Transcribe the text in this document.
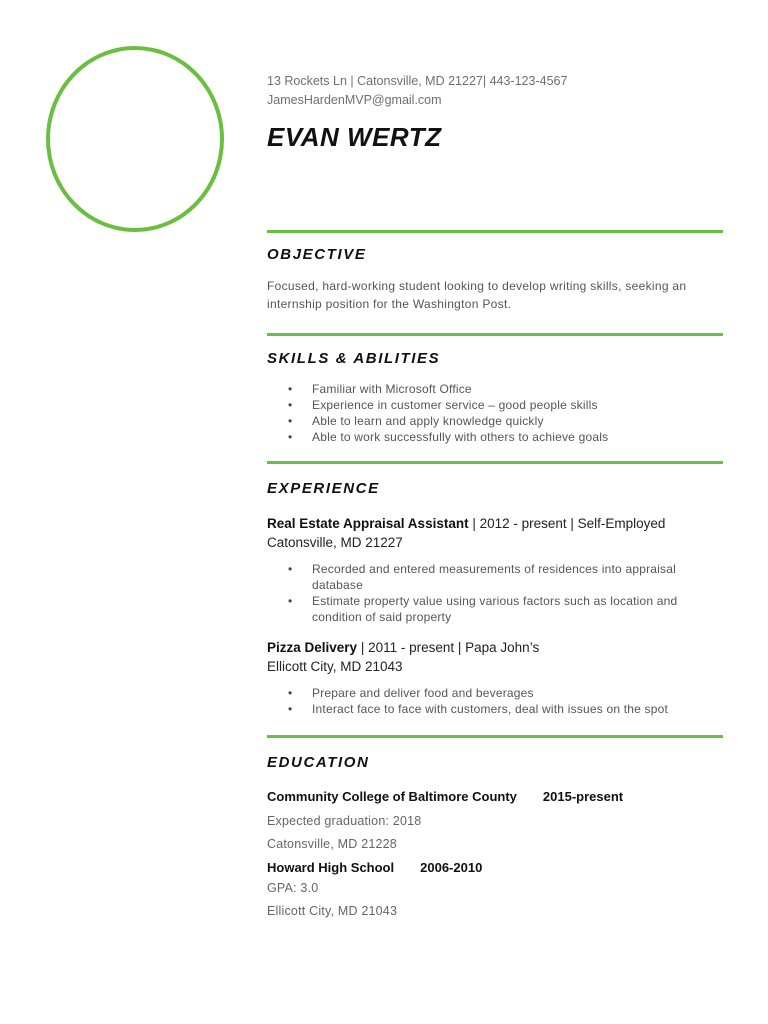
13 Rockets Ln | Catonsville, MD 21227| 443-123-4567
JamesHardenMVP@gmail.com
EVAN WERTZ
OBJECTIVE
Focused, hard-working student looking to develop writing skills, seeking an internship position for the Washington Post.
SKILLS & ABILITIES
• Familiar with Microsoft Office
• Experience in customer service – good people skills
• Able to learn and apply knowledge quickly
• Able to work successfully with others to achieve goals
EXPERIENCE
Real Estate Appraisal Assistant | 2012 - present | Self-Employed
Catonsville, MD 21227
• Recorded and entered measurements of residences into appraisal database
• Estimate property value using various factors such as location and condition of said property
Pizza Delivery | 2011 - present | Papa John’s
Ellicott City, MD 21043
• Prepare and deliver food and beverages
• Interact face to face with customers, deal with issues on the spot
EDUCATION
Community College of Baltimore County 2015-present
Expected graduation: 2018
Catonsville, MD 21228
Howard High School 2006-2010
GPA: 3.0
Ellicott City, MD 21043
